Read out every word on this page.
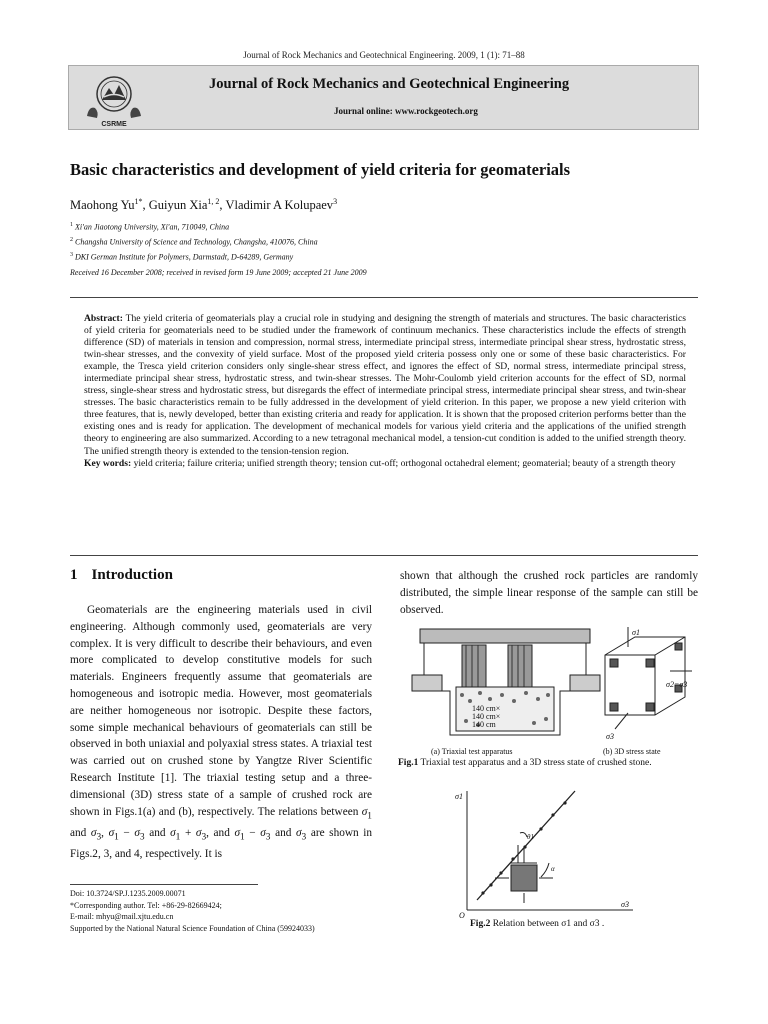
Journal of Rock Mechanics and Geotechnical Engineering. 2009, 1 (1): 71–88
CSRME
Journal of Rock Mechanics and Geotechnical Engineering
Journal online: www.rockgeotech.org
Basic characteristics and development of yield criteria for geomaterials
Maohong $Yu^{1*}$, Guiyun Xia$^{1, 2}$, Vladimir A Kolupaev$^3$
$^1$ Xi'an Jiaotong University, Xi'an, 710049, China
$^2$ Changsha University of Science and Technology, Changsha, 410076, China
$^3$ DKI German Institute for Polymers, Darmstadt, D-64289, Germany
Received 16 December 2008; received in revised form 19 June 2009; accepted 21 June 2009
Abstract: The yield criteria of geomaterials play a crucial role in studying and designing the strength of materials and structures. The basic characteristics of yield criteria for geomaterials need to be studied under the framework of continuum mechanics. These characteristics include the effects of strength difference (SD) of materials in tension and compression, normal stress, intermediate principal stress, intermediate principal shear stress, hydrostatic stress, twin-shear stresses, and the convexity of yield surface. Most of the proposed yield criteria possess only one or some of these basic characteristics. For example, the Tresca yield criterion considers only single-shear stress effect, and ignores the effect of SD, normal stress, intermediate principal stress, intermediate principal shear stress, hydrostatic stress, and twin-shear stresses. The Mohr-Coulomb yield criterion accounts for the effect of SD, normal stress, single-shear stress and hydrostatic stress, but disregards the effect of intermediate principal stress, intermediate principal shear stress, and twin-shear stresses. The basic characteristics remain to be fully addressed in the development of yield criterion. In this paper, we propose a new yield criterion with three features, that is, newly developed, better than existing criteria and ready for application. It is shown that the proposed criterion performs better than the existing ones and is ready for application. The development of mechanical models for various yield criteria and the applications of the unified strength theory to engineering are also summarized. According to a new tetragonal mechanical model, a tension-cut condition is added to the unified strength theory. The unified strength theory is extended to the tension-tension region.
Key words: yield criteria; failure criteria; unified strength theory; tension cut-off; orthogonal octahedral element; geomaterial; beauty of a strength theory
1 Introduction
Geomaterials are the engineering materials used in civil engineering. Although commonly used, geomaterials are very complex. It is very difficult to describe their behaviours, and even more complicated to develop constitutive models for such materials. Engineers frequently assume that geomaterials are homogeneous and isotropic media. However, most geomaterials are neither homogeneous nor isotropic. Despite these factors, some simple mechanical behaviours of geomaterials can still be observed in both uniaxial and polyaxial stress states. A triaxial test was carried out on crushed stone by Yangtze River Scientific Research Institute [1]. The triaxial testing setup and a three-dimensional (3D) stress state of a sample of crushed rock are shown in Figs.1(a) and (b), respectively. The relations between $\sigma_1$ and $\sigma_3$, $\sigma_1 - \sigma_3$ and $\sigma_1 + \sigma_3$, and $\sigma_1 - \sigma_3$ and $\sigma_3$ are shown in Figs.2, 3, and 4, respectively. It is
shown that although the crushed rock particles are randomly distributed, the simple linear response of the sample can still be observed.
140 cm×
140 cm×
140 cm
σ1
σ2=σ3
σ3
(a) Triaxial test apparatus	(b) 3D stress state
Fig.1 Triaxial test apparatus and a 3D stress state of crushed stone.
σ1
σ3
O
θ1
α
Fig.2 Relation between σ1 and σ3 .
Doi: 10.3724/SP.J.1235.2009.00071
*Corresponding author. Tel: +86-29-82669424;
E-mail: mhyu@mail.xjtu.edu.cn
Supported by the National Natural Science Foundation of China (59924033)
